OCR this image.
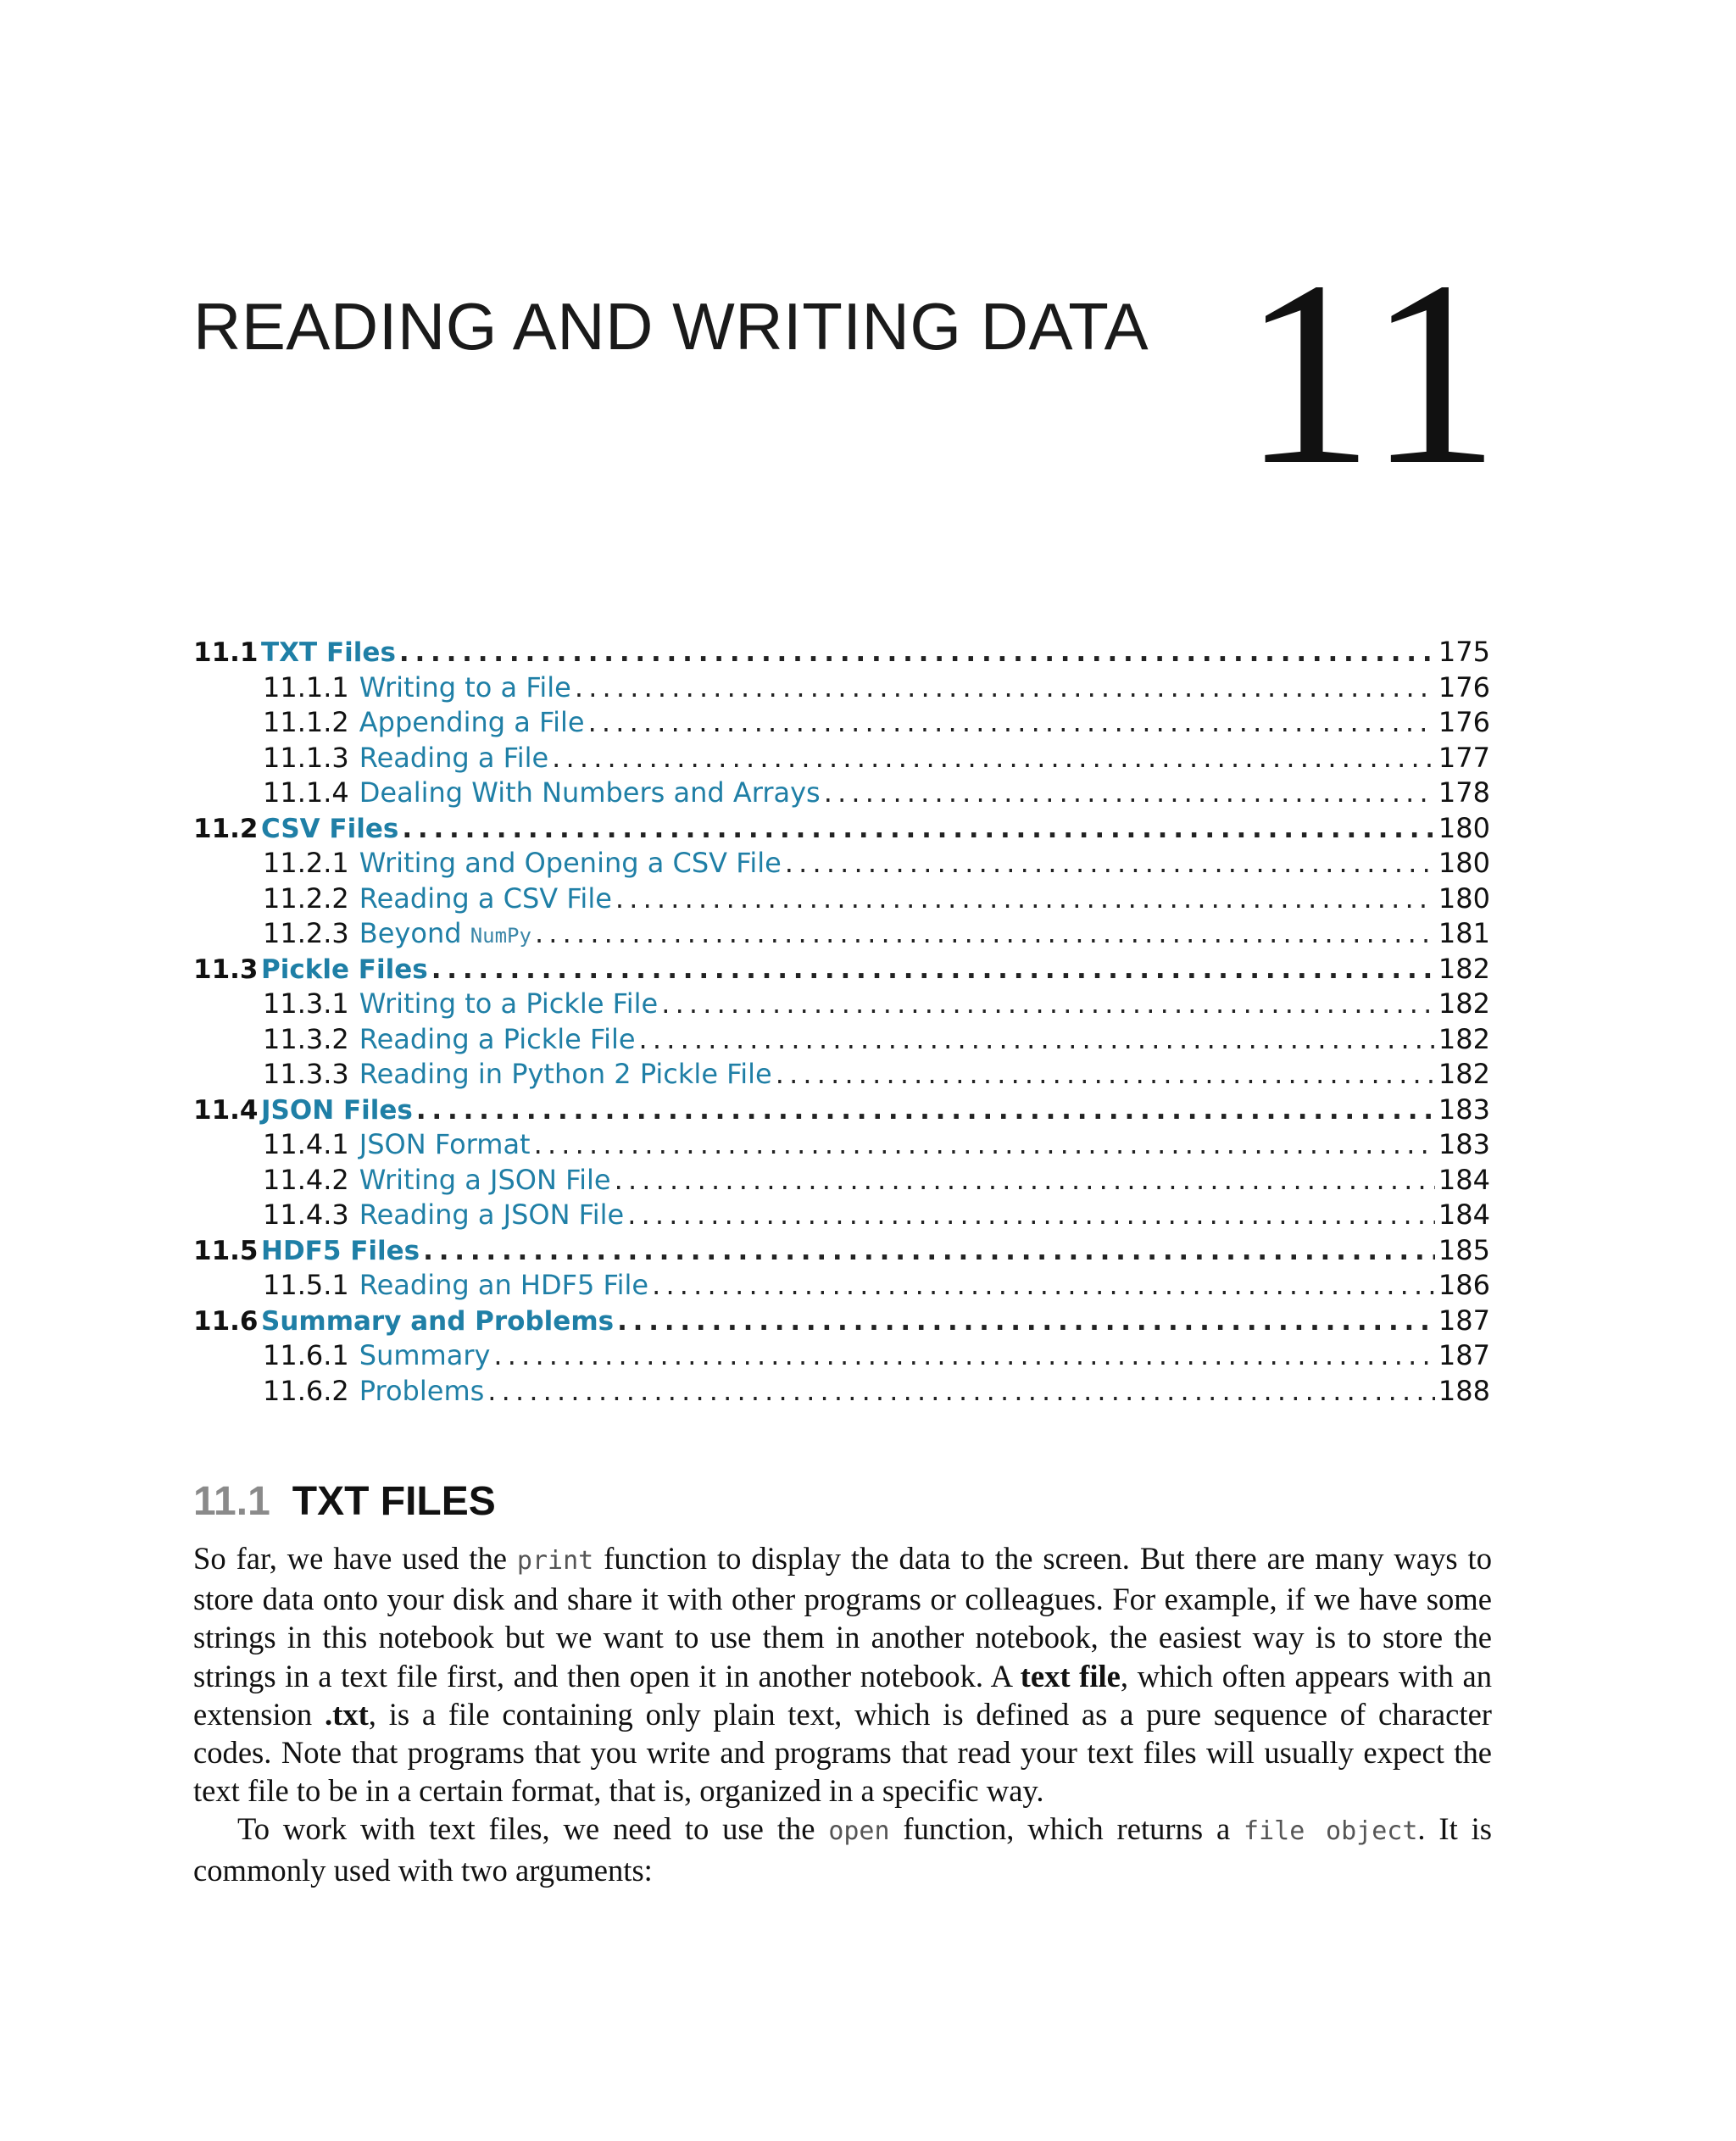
READING AND WRITING DATA 11
11.1 TXT Files . . .	175
11.1.1 Writing to a File . . .	176
11.1.2 Appending a File . . .	176
11.1.3 Reading a File . . .	177
11.1.4 Dealing With Numbers and Arrays . . .	178
11.2 CSV Files . . .	180
11.2.1 Writing and Opening a CSV File . . .	180
11.2.2 Reading a CSV File . . .	180
11.2.3 Beyond NumPy . . .	181
11.3 Pickle Files . . .	182
11.3.1 Writing to a Pickle File . . .	182
11.3.2 Reading a Pickle File . . .	182
11.3.3 Reading in Python 2 Pickle File . . .	182
11.4 JSON Files . . .	183
11.4.1 JSON Format . . .	183
11.4.2 Writing a JSON File . . .	184
11.4.3 Reading a JSON File . . .	184
11.5 HDF5 Files . . .	185
11.5.1 Reading an HDF5 File . . .	186
11.6 Summary and Problems . . .	187
11.6.1 Summary . . .	187
11.6.2 Problems . . .	188
11.1 TXT FILES

So far, we have used the print function to display the data to the screen. But there are many ways to store data onto your disk and share it with other programs or colleagues. For example, if we have some strings in this notebook but we want to use them in another notebook, the easiest way is to store the strings in a text file first, and then open it in another notebook. A text file, which often appears with an extension .txt, is a file containing only plain text, which is defined as a pure sequence of character codes. Note that programs that you write and programs that read your text files will usually expect the text file to be in a certain format, that is, organized in a specific way.

To work with text files, we need to use the open function, which returns a file object. It is commonly used with two arguments:
